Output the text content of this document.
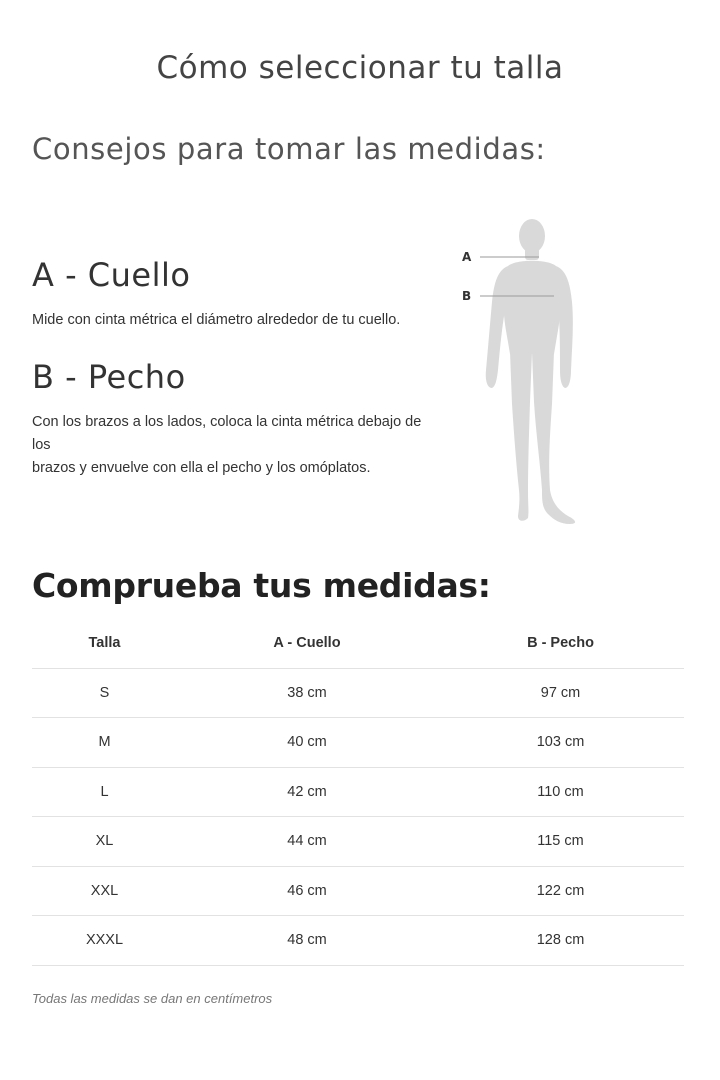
Cómo seleccionar tu talla
Consejos para tomar las medidas:
A - Cuello

Mide con cinta métrica el diámetro alrededor de tu cuello.

B - Pecho

Con los brazos a los lados, coloca la cinta métrica debajo de los
brazos y envuelve con ella el pecho y los omóplatos.

A
B
Comprueba tus medidas:
Talla	A - Cuello	B - Pecho
S	38 cm	97 cm
M	40 cm	103 cm
L	42 cm	110 cm
XL	44 cm	115 cm
XXL	46 cm	122 cm
XXXL	48 cm	128 cm

Todas las medidas se dan en centímetros
